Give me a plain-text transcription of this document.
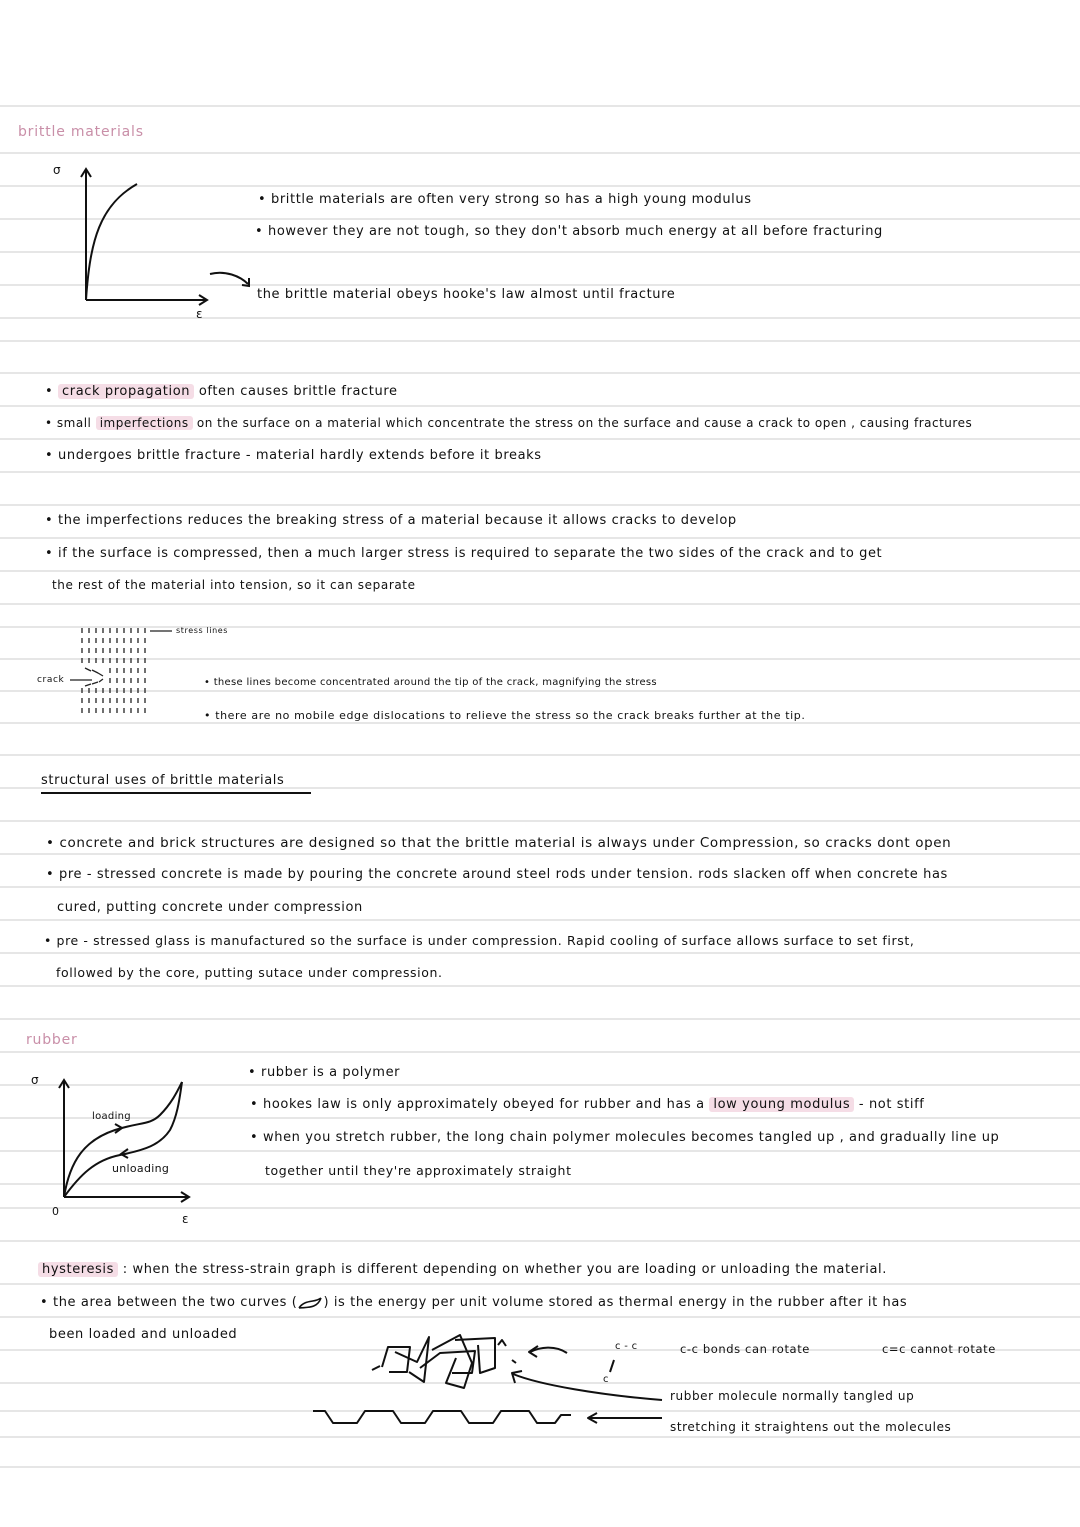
brittle materials
σ
ε
• brittle materials are often very strong so has a high young modulus
• however they are not tough, so they don't absorb much energy at all before fracturing
the brittle material obeys hooke's law almost until fracture
• crack propagation often causes brittle fracture
• small imperfections on the surface on a material which concentrate the stress on the surface and cause a crack to open , causing fractures
• undergoes brittle fracture - material hardly extends before it breaks
• the imperfections reduces the breaking stress of a material because it allows cracks to develop
• if the surface is compressed, then a much larger stress is required to separate the two sides of the crack and to get
the rest of the material into tension, so it can separate
stress lines
crack	• these lines become concentrated around the tip of the crack, magnifying the stress
• there are no mobile edge dislocations to relieve the stress so the crack breaks further at the tip.
structural uses of brittle materials
• concrete and brick structures are designed so that the brittle material is always under Compression, so cracks dont open
• pre - stressed concrete is made by pouring the concrete around steel rods under tension. rods slacken off when concrete has
cured, putting concrete under compression
• pre - stressed glass is manufactured so the surface is under compression. Rapid cooling of surface allows surface to set first,
followed by the core, putting sutace under compression.
rubber
σ
ε
0
loading
unloading
• rubber is a polymer
• hookes law is only approximately obeyed for rubber and has a low young modulus - not stiff
• when you stretch rubber, the long chain polymer molecules becomes tangled up , and gradually line up
together until they're approximately straight
hysteresis : when the stress-strain graph is different depending on whether you are loading or unloading the material.
• the area between the two curves ( ) is the energy per unit volume stored as thermal energy in the rubber after it has
been loaded and unloaded
c - c
c
c-c bonds can rotate	c=c cannot rotate
rubber molecule normally tangled up
stretching it straightens out the molecules
